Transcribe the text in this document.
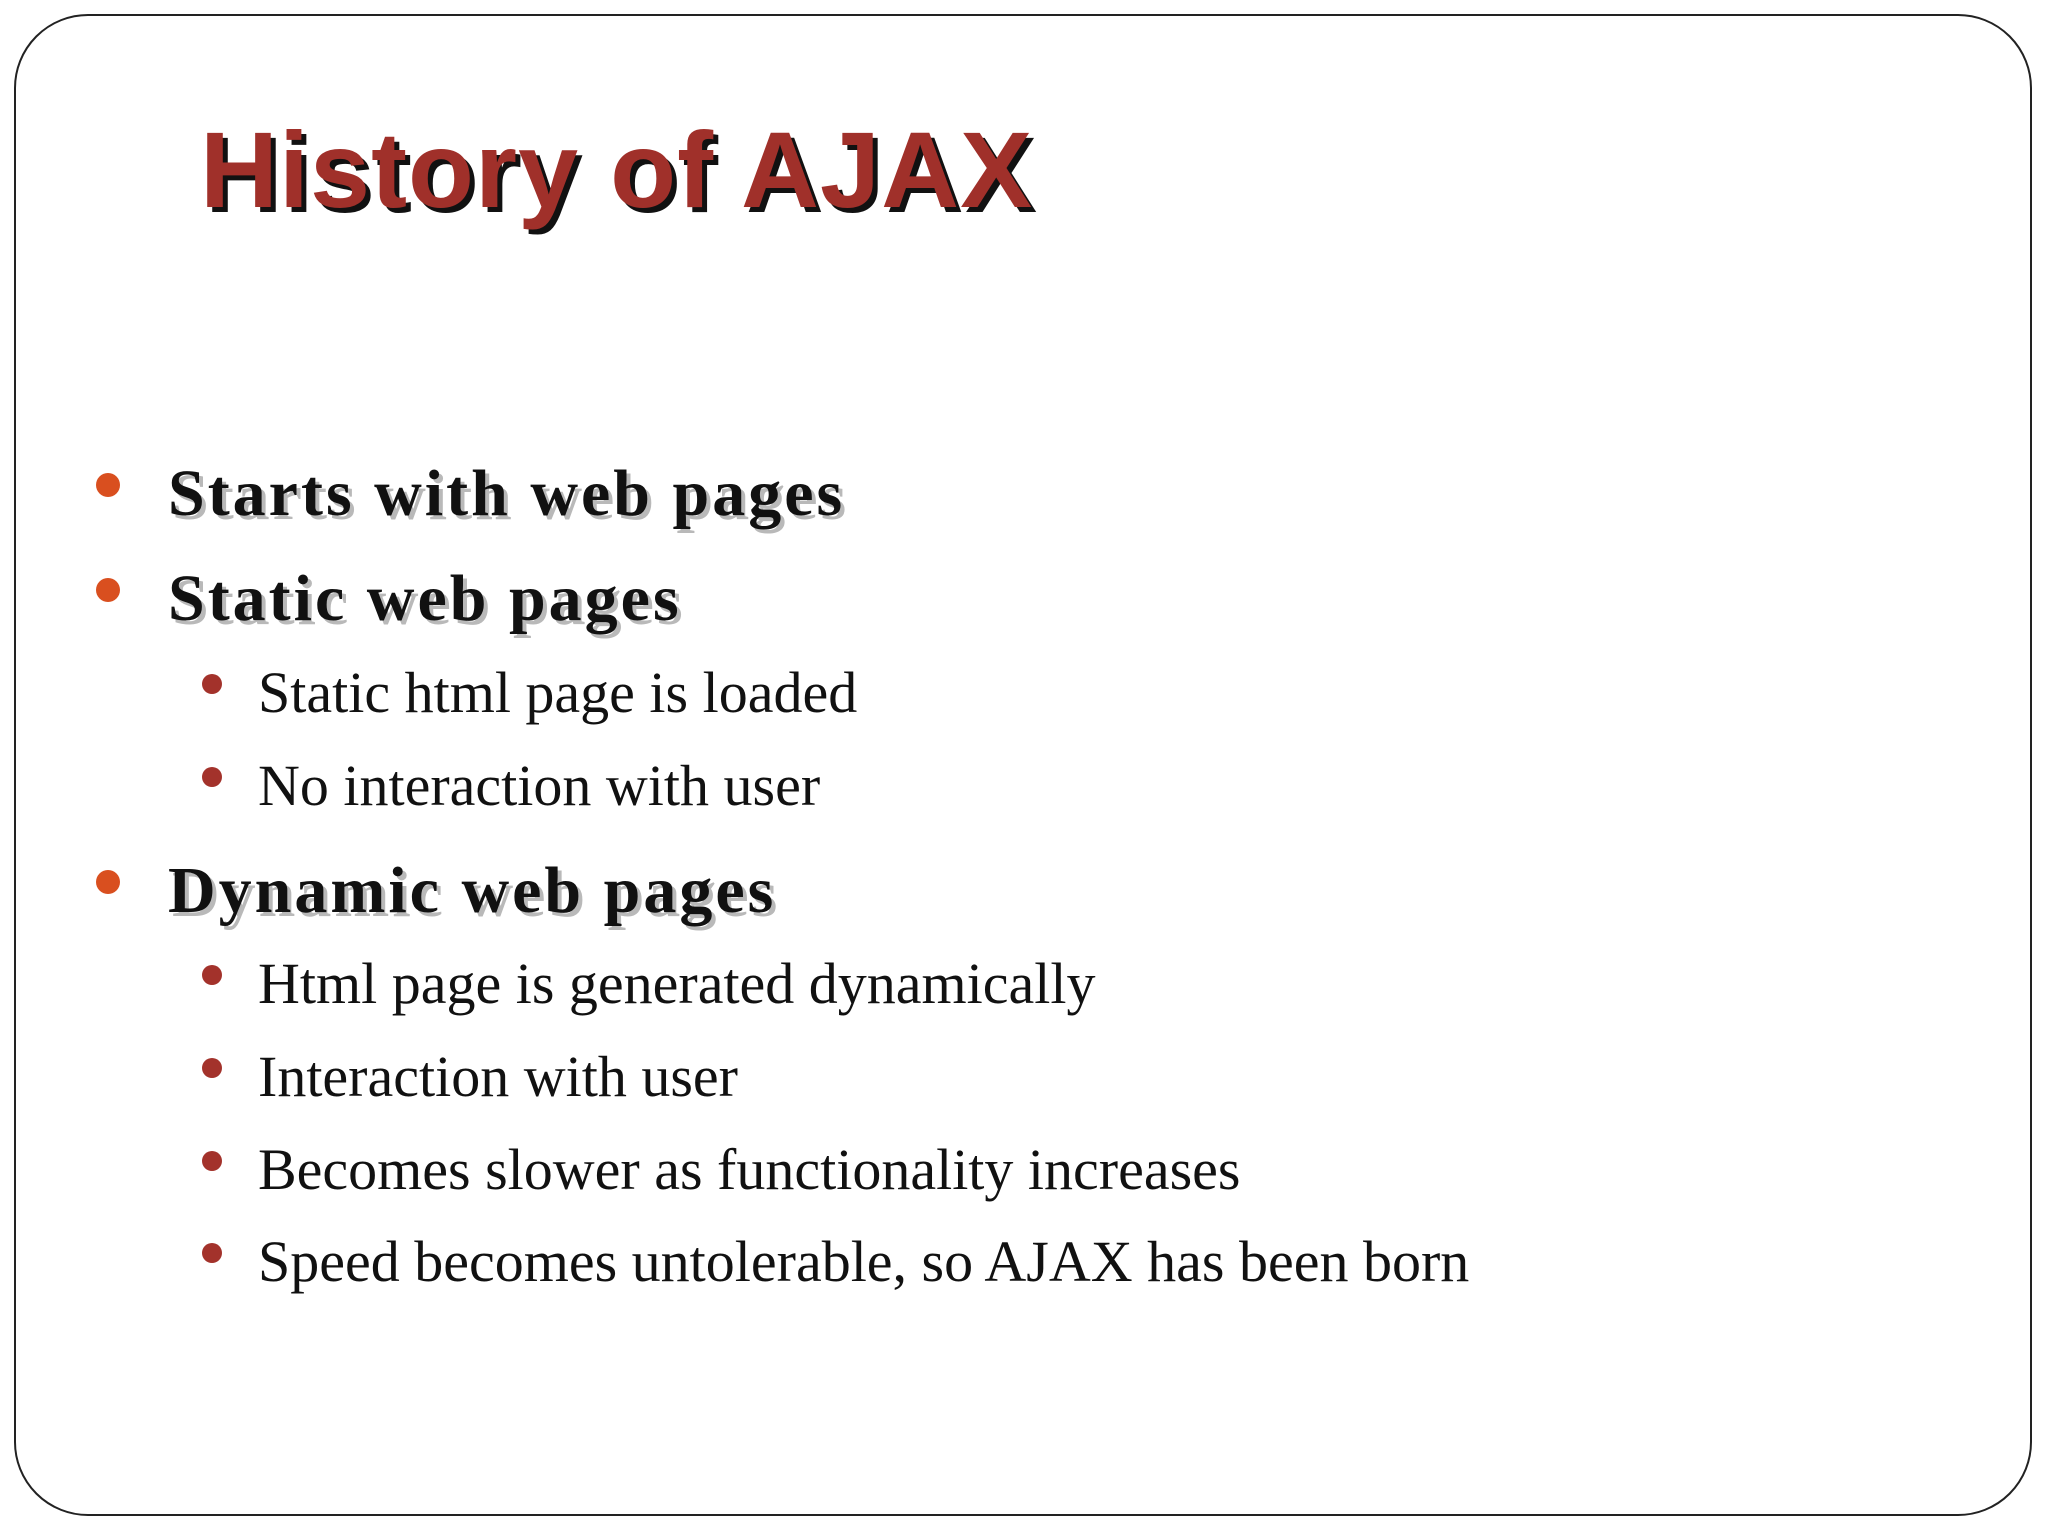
History of AJAX
Starts with web pages
Static web pages
Static html page is loaded
No interaction with user
Dynamic web pages
Html page is generated dynamically
Interaction with user
Becomes slower as functionality increases
Speed becomes untolerable, so AJAX has been born
